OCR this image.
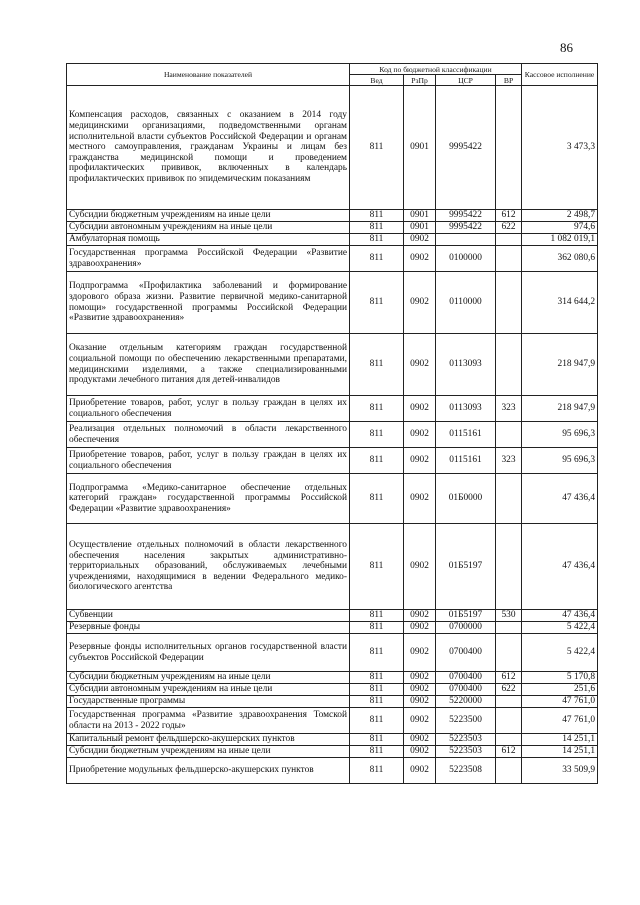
86
Наименование показателей	Код по бюджетной классификации				Кассовое исполнение
	Вед	РзПр	ЦСР	ВР	
Компенсация расходов, связанных с оказанием в 2014 году медицинскими организациями, подведомственными органам исполнительной власти субъектов Российской Федерации и органам местного самоуправления, гражданам Украины и лицам без гражданства медицинской помощи и проведением профилактических прививок, включенных в календарь профилактических прививок по эпидемическим показаниям	811	0901	9995422		3 473,3
Субсидии бюджетным учреждениям на иные цели	811	0901	9995422	612	2 498,7
Субсидии автономным учреждениям на иные цели	811	0901	9995422	622	974,6
Амбулаторная помощь	811	0902			1 082 019,1
Государственная программа Российской Федерации «Развитие здравоохранения»	811	0902	0100000		362 080,6
Подпрограмма «Профилактика заболеваний и формирование здорового образа жизни. Развитие первичной медико-санитарной помощи» государственной программы Российской Федерации «Развитие здравоохранения»	811	0902	0110000		314 644,2
Оказание отдельным категориям граждан государственной социальной помощи по обеспечению лекарственными препаратами, медицинскими изделиями, а также специализированными продуктами лечебного питания для детей-инвалидов	811	0902	0113093		218 947,9
Приобретение товаров, работ, услуг в пользу граждан в целях их социального обеспечения	811	0902	0113093	323	218 947,9
Реализация отдельных полномочий в области лекарственного обеспечения	811	0902	0115161		95 696,3
Приобретение товаров, работ, услуг в пользу граждан в целях их социального обеспечения	811	0902	0115161	323	95 696,3
Подпрограмма «Медико-санитарное обеспечение отдельных категорий граждан» государственной программы Российской Федерации «Развитие здравоохранения»	811	0902	01Б0000		47 436,4
Осуществление отдельных полномочий в области лекарственного обеспечения населения закрытых административно-территориальных образований, обслуживаемых лечебными учреждениями, находящимися в ведении Федерального медико-биологического агентства	811	0902	01Б5197		47 436,4
Субвенции	811	0902	01Б5197	530	47 436,4
Резервные фонды	811	0902	0700000		5 422,4
Резервные фонды исполнительных органов государственной власти субъектов Российской Федерации	811	0902	0700400		5 422,4
Субсидии бюджетным учреждениям на иные цели	811	0902	0700400	612	5 170,8
Субсидии автономным учреждениям на иные цели	811	0902	0700400	622	251,6
Государственные программы	811	0902	5220000		47 761,0
Государственная программа «Развитие здравоохранения Томской области на 2013 - 2022 годы»	811	0902	5223500		47 761,0
Капитальный ремонт фельдшерско-акушерских пунктов	811	0902	5223503		14 251,1
Субсидии бюджетным учреждениям на иные цели	811	0902	5223503	612	14 251,1
Приобретение модульных фельдшерско-акушерских пунктов	811	0902	5223508		33 509,9
